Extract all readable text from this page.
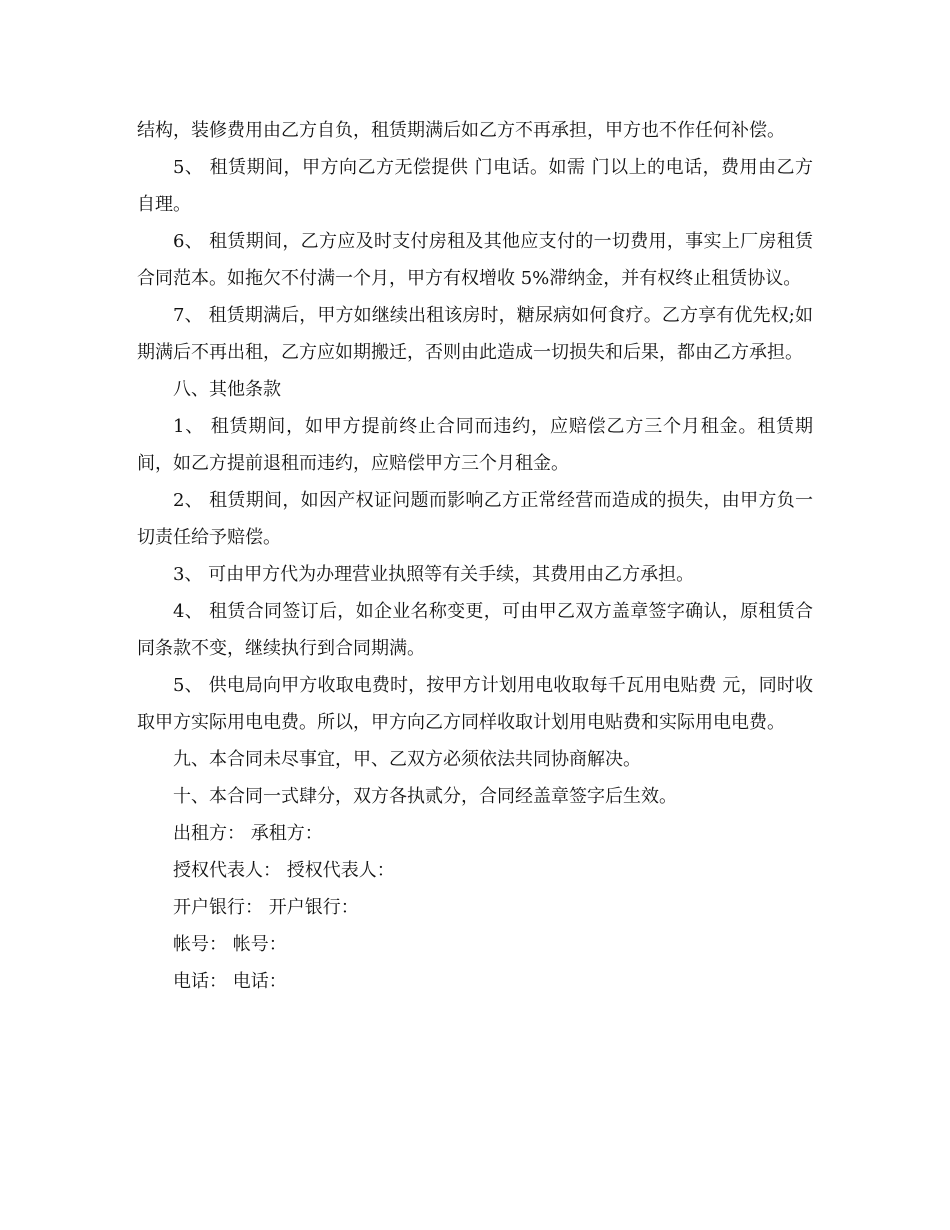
结构，装修费用由乙方自负，租赁期满后如乙方不再承担，甲方也不作任何补偿。

5、 租赁期间，甲方向乙方无偿提供 门电话。如需 门以上的电话，费用由乙方自理。

6、 租赁期间，乙方应及时支付房租及其他应支付的一切费用，事实上厂房租赁合同范本。如拖欠不付满一个月，甲方有权增收 5%滞纳金，并有权终止租赁协议。

7、 租赁期满后，甲方如继续出租该房时，糖尿病如何食疗。乙方享有优先权;如期满后不再出租，乙方应如期搬迁，否则由此造成一切损失和后果，都由乙方承担。

八、其他条款

1、 租赁期间，如甲方提前终止合同而违约，应赔偿乙方三个月租金。租赁期间，如乙方提前退租而违约，应赔偿甲方三个月租金。

2、 租赁期间，如因产权证问题而影响乙方正常经营而造成的损失，由甲方负一切责任给予赔偿。

3、 可由甲方代为办理营业执照等有关手续，其费用由乙方承担。

4、 租赁合同签订后，如企业名称变更，可由甲乙双方盖章签字确认，原租赁合同条款不变，继续执行到合同期满。

5、 供电局向甲方收取电费时，按甲方计划用电收取每千瓦用电贴费 元，同时收取甲方实际用电电费。所以，甲方向乙方同样收取计划用电贴费和实际用电电费。

九、本合同未尽事宜，甲、乙双方必须依法共同协商解决。

十、本合同一式肆分，双方各执贰分，合同经盖章签字后生效。

出租方： 承租方：

授权代表人： 授权代表人：

开户银行： 开户银行：

帐号： 帐号：

电话： 电话：
